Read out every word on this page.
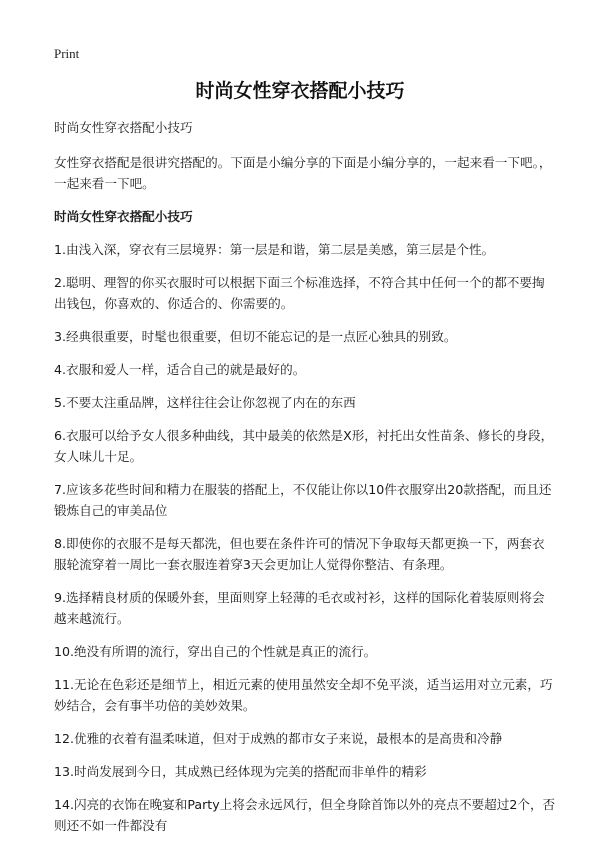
Print
时尚女性穿衣搭配小技巧

时尚女性穿衣搭配小技巧

女性穿衣搭配是很讲究搭配的。下面是小编分享的下面是小编分享的，一起来看一下吧。，一起来看一下吧。

时尚女性穿衣搭配小技巧

1.由浅入深，穿衣有三层境界：第一层是和谐，第二层是美感，第三层是个性。

2.聪明、理智的你买衣服时可以根据下面三个标准选择，不符合其中任何一个的都不要掏出钱包，你喜欢的、你适合的、你需要的。

3.经典很重要，时髦也很重要，但切不能忘记的是一点匠心独具的别致。

4.衣服和爱人一样，适合自己的就是最好的。

5.不要太注重品牌，这样往往会让你忽视了内在的东西

6.衣服可以给予女人很多种曲线，其中最美的依然是X形，衬托出女性苗条、修长的身段，女人味儿十足。

7.应该多花些时间和精力在服装的搭配上，不仅能让你以10件衣服穿出20款搭配，而且还锻炼自己的审美品位

8.即使你的衣服不是每天都洗，但也要在条件许可的情况下争取每天都更换一下，两套衣服轮流穿着一周比一套衣服连着穿3天会更加让人觉得你整洁、有条理。

9.选择精良材质的保暖外套，里面则穿上轻薄的毛衣或衬衫，这样的国际化着装原则将会越来越流行。

10.绝没有所谓的流行，穿出自己的个性就是真正的流行。

11.无论在色彩还是细节上，相近元素的使用虽然安全却不免平淡，适当运用对立元素，巧妙结合，会有事半功倍的美妙效果。

12.优雅的衣着有温柔味道，但对于成熟的都市女子来说，最根本的是高贵和冷静

13.时尚发展到今日，其成熟已经体现为完美的搭配而非单件的精彩

14.闪亮的衣饰在晚宴和Party上将会永远风行，但全身除首饰以外的亮点不要超过2个，否则还不如一件都没有
